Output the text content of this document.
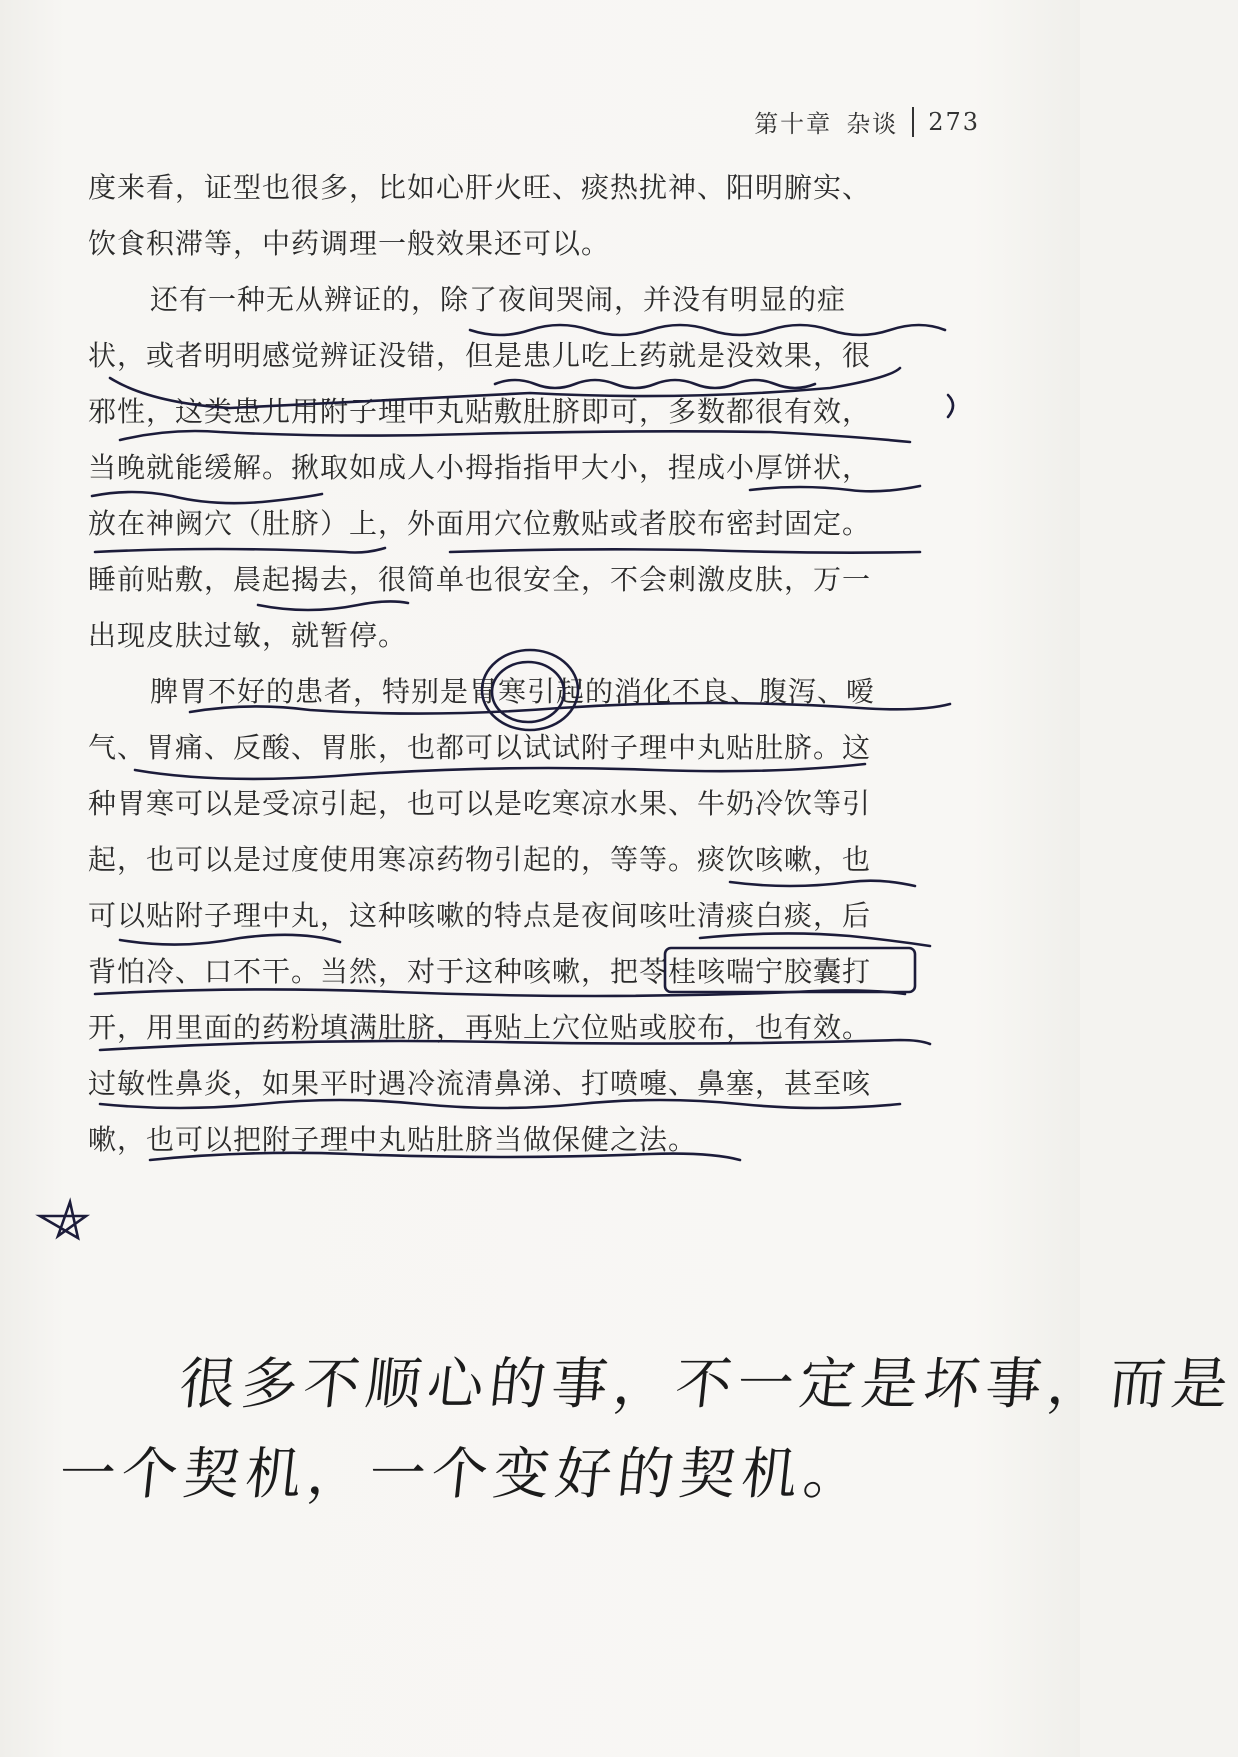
第十章 杂谈 273
度来看，证型也很多，比如心肝火旺、痰热扰神、阳明腑实、
饮食积滞等，中药调理一般效果还可以。
还有一种无从辨证的，除了夜间哭闹，并没有明显的症
状，或者明明感觉辨证没错，但是患儿吃上药就是没效果，很
邪性，这类患儿用附子理中丸贴敷肚脐即可，多数都很有效，
当晚就能缓解。揪取如成人小拇指指甲大小，捏成小厚饼状，
放在神阙穴（肚脐）上，外面用穴位敷贴或者胶布密封固定。
睡前贴敷，晨起揭去，很简单也很安全，不会刺激皮肤，万一
出现皮肤过敏，就暂停。
脾胃不好的患者，特别是胃寒引起的消化不良、腹泻、嗳
气、胃痛、反酸、胃胀，也都可以试试附子理中丸贴肚脐。这
种胃寒可以是受凉引起，也可以是吃寒凉水果、牛奶冷饮等引
起，也可以是过度使用寒凉药物引起的，等等。痰饮咳嗽，也
可以贴附子理中丸，这种咳嗽的特点是夜间咳吐清痰白痰，后
背怕冷、口不干。当然，对于这种咳嗽，把苓桂咳喘宁胶囊打
开，用里面的药粉填满肚脐，再贴上穴位贴或胶布，也有效。
过敏性鼻炎，如果平时遇冷流清鼻涕、打喷嚏、鼻塞，甚至咳
嗽，也可以把附子理中丸贴肚脐当做保健之法。
很多不顺心的事，不一定是坏事，而是
一个契机，一个变好的契机。
